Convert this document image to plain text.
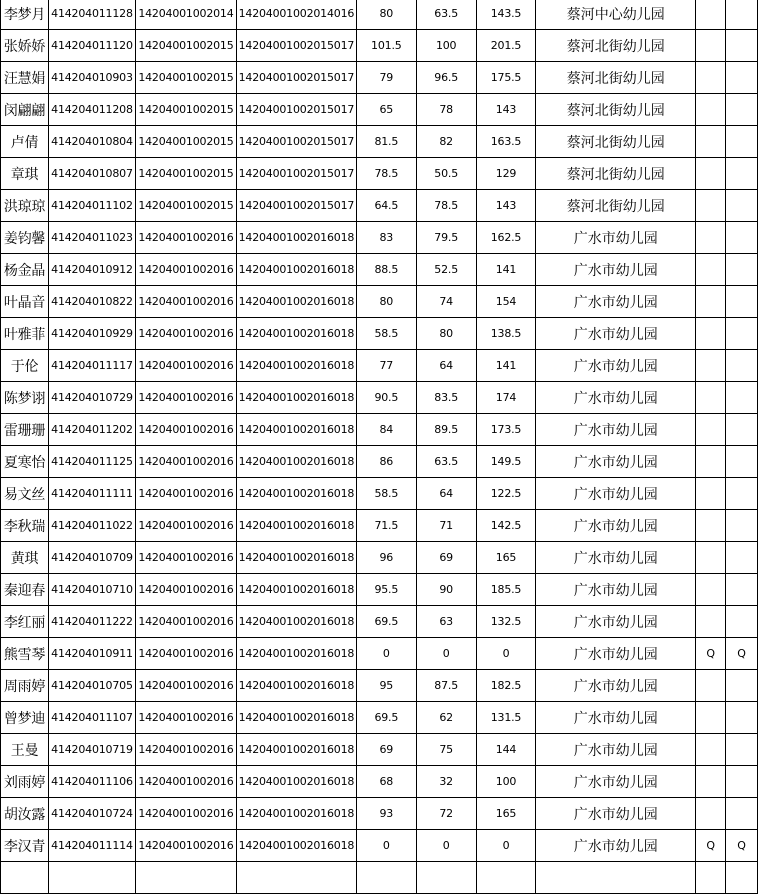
李梦月	414204011128	14204001002014	14204001002014016	80	63.5	143.5	蔡河中心幼儿园		
张娇娇	414204011120	14204001002015	14204001002015017	101.5	100	201.5	蔡河北街幼儿园		
汪慧娟	414204010903	14204001002015	14204001002015017	79	96.5	175.5	蔡河北街幼儿园		
闵翩翩	414204011208	14204001002015	14204001002015017	65	78	143	蔡河北街幼儿园		
卢倩	414204010804	14204001002015	14204001002015017	81.5	82	163.5	蔡河北街幼儿园		
章琪	414204010807	14204001002015	14204001002015017	78.5	50.5	129	蔡河北街幼儿园		
洪琼琼	414204011102	14204001002015	14204001002015017	64.5	78.5	143	蔡河北街幼儿园		
姜钧馨	414204011023	14204001002016	14204001002016018	83	79.5	162.5	广水市幼儿园		
杨金晶	414204010912	14204001002016	14204001002016018	88.5	52.5	141	广水市幼儿园		
叶晶音	414204010822	14204001002016	14204001002016018	80	74	154	广水市幼儿园		
叶雅菲	414204010929	14204001002016	14204001002016018	58.5	80	138.5	广水市幼儿园		
于伦	414204011117	14204001002016	14204001002016018	77	64	141	广水市幼儿园		
陈梦诩	414204010729	14204001002016	14204001002016018	90.5	83.5	174	广水市幼儿园		
雷珊珊	414204011202	14204001002016	14204001002016018	84	89.5	173.5	广水市幼儿园		
夏寒怡	414204011125	14204001002016	14204001002016018	86	63.5	149.5	广水市幼儿园		
易文丝	414204011111	14204001002016	14204001002016018	58.5	64	122.5	广水市幼儿园		
李秋瑞	414204011022	14204001002016	14204001002016018	71.5	71	142.5	广水市幼儿园		
黄琪	414204010709	14204001002016	14204001002016018	96	69	165	广水市幼儿园		
秦迎春	414204010710	14204001002016	14204001002016018	95.5	90	185.5	广水市幼儿园		
李红丽	414204011222	14204001002016	14204001002016018	69.5	63	132.5	广水市幼儿园		
熊雪琴	414204010911	14204001002016	14204001002016018	0	0	0	广水市幼儿园	Q	Q
周雨婷	414204010705	14204001002016	14204001002016018	95	87.5	182.5	广水市幼儿园		
曾梦迪	414204011107	14204001002016	14204001002016018	69.5	62	131.5	广水市幼儿园		
王曼	414204010719	14204001002016	14204001002016018	69	75	144	广水市幼儿园		
刘雨婷	414204011106	14204001002016	14204001002016018	68	32	100	广水市幼儿园		
胡汝露	414204010724	14204001002016	14204001002016018	93	72	165	广水市幼儿园		
李汉青	414204011114	14204001002016	14204001002016018	0	0	0	广水市幼儿园	Q	Q
